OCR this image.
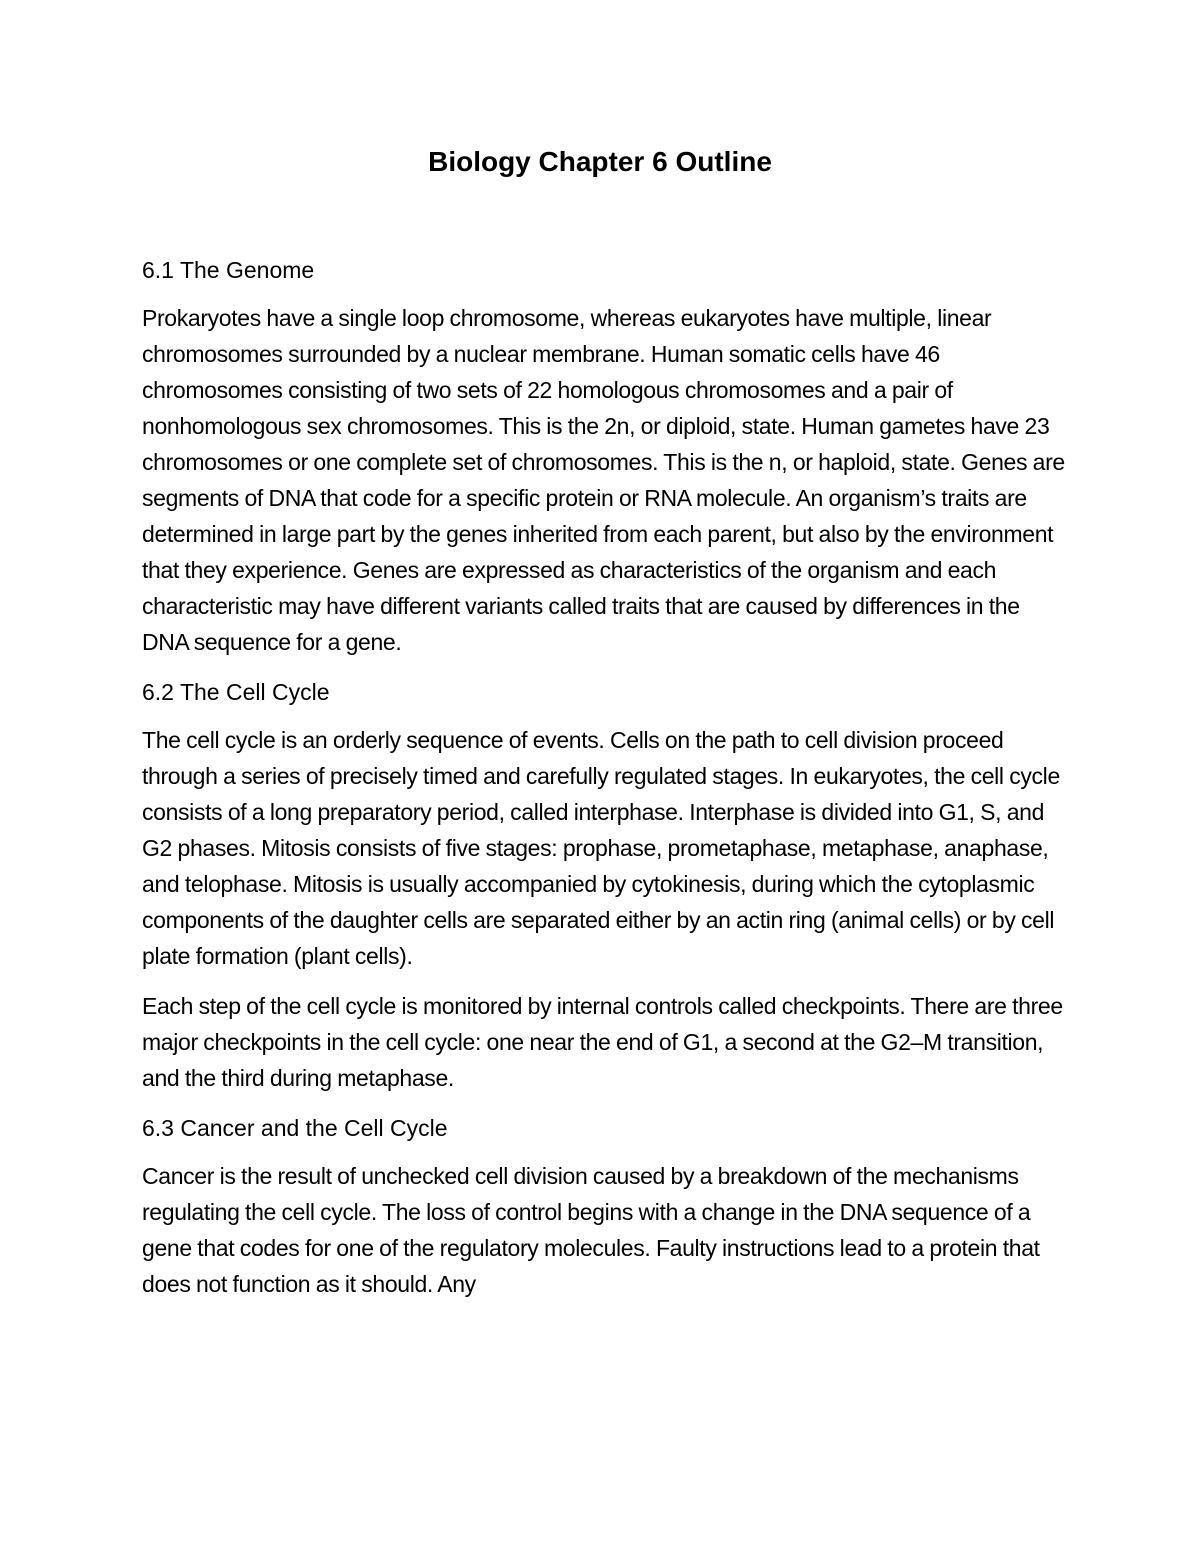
Biology Chapter 6 Outline

6.1 The Genome

Prokaryotes have a single loop chromosome, whereas eukaryotes have multiple, linear chromosomes surrounded by a nuclear membrane. Human somatic cells have 46 chromosomes consisting of two sets of 22 homologous chromosomes and a pair of nonhomologous sex chromosomes. This is the 2n, or diploid, state. Human gametes have 23 chromosomes or one complete set of chromosomes. This is the n, or haploid, state. Genes are segments of DNA that code for a specific protein or RNA molecule. An organism’s traits are determined in large part by the genes inherited from each parent, but also by the environment that they experience. Genes are expressed as characteristics of the organism and each characteristic may have different variants called traits that are caused by differences in the DNA sequence for a gene.

6.2 The Cell Cycle

The cell cycle is an orderly sequence of events. Cells on the path to cell division proceed through a series of precisely timed and carefully regulated stages. In eukaryotes, the cell cycle consists of a long preparatory period, called interphase. Interphase is divided into G1, S, and G2 phases. Mitosis consists of five stages: prophase, prometaphase, metaphase, anaphase, and telophase. Mitosis is usually accompanied by cytokinesis, during which the cytoplasmic components of the daughter cells are separated either by an actin ring (animal cells) or by cell plate formation (plant cells).

Each step of the cell cycle is monitored by internal controls called checkpoints. There are three major checkpoints in the cell cycle: one near the end of G1, a second at the G2–M transition, and the third during metaphase.

6.3 Cancer and the Cell Cycle

Cancer is the result of unchecked cell division caused by a breakdown of the mechanisms regulating the cell cycle. The loss of control begins with a change in the DNA sequence of a gene that codes for one of the regulatory molecules. Faulty instructions lead to a protein that does not function as it should. Any
